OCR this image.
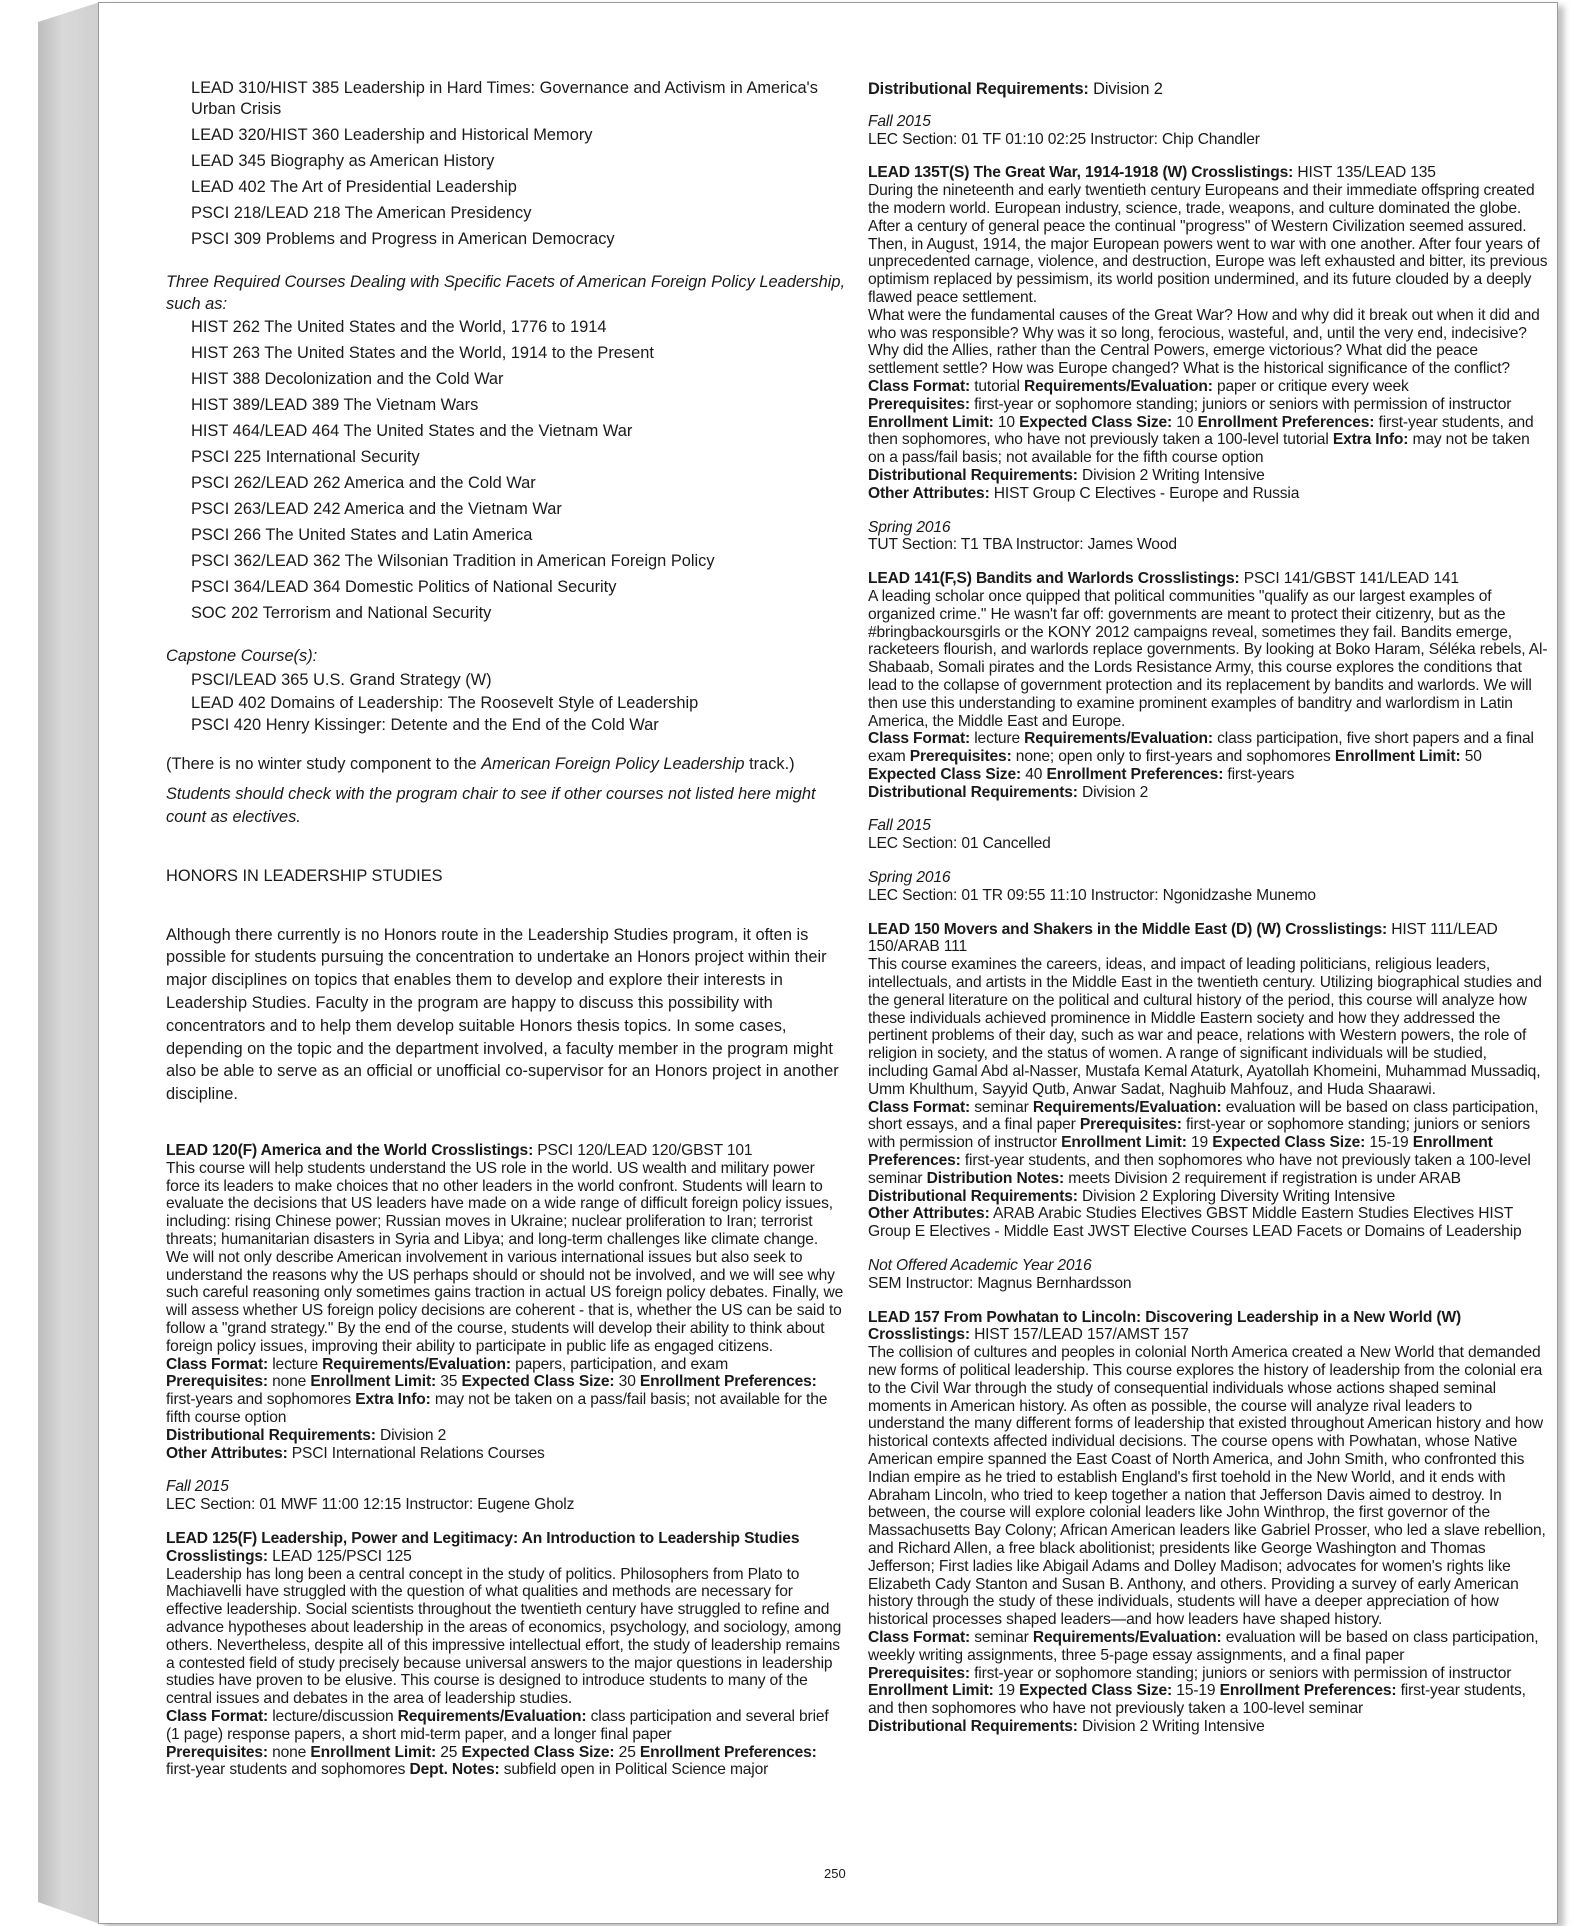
LEAD 310/HIST 385 Leadership in Hard Times: Governance and Activism in America's Urban Crisis
LEAD 320/HIST 360 Leadership and Historical Memory
LEAD 345 Biography as American History
LEAD 402 The Art of Presidential Leadership
PSCI 218/LEAD 218 The American Presidency
PSCI 309 Problems and Progress in American Democracy
Three Required Courses Dealing with Specific Facets of American Foreign Policy Leadership, such as:
HIST 262 The United States and the World, 1776 to 1914
HIST 263 The United States and the World, 1914 to the Present
HIST 388 Decolonization and the Cold War
HIST 389/LEAD 389 The Vietnam Wars
HIST 464/LEAD 464 The United States and the Vietnam War
PSCI 225 International Security
PSCI 262/LEAD 262 America and the Cold War
PSCI 263/LEAD 242 America and the Vietnam War
PSCI 266 The United States and Latin America
PSCI 362/LEAD 362 The Wilsonian Tradition in American Foreign Policy
PSCI 364/LEAD 364 Domestic Politics of National Security
SOC 202 Terrorism and National Security
Capstone Course(s):
PSCI/LEAD 365 U.S. Grand Strategy (W)
LEAD 402 Domains of Leadership: The Roosevelt Style of Leadership
PSCI 420 Henry Kissinger: Detente and the End of the Cold War
(There is no winter study component to the American Foreign Policy Leadership track.)
Students should check with the program chair to see if other courses not listed here might count as electives.
HONORS IN LEADERSHIP STUDIES
Although there currently is no Honors route in the Leadership Studies program, it often is possible for students pursuing the concentration to undertake an Honors project within their major disciplines on topics that enables them to develop and explore their interests in Leadership Studies. Faculty in the program are happy to discuss this possibility with concentrators and to help them develop suitable Honors thesis topics. In some cases, depending on the topic and the department involved, a faculty member in the program might also be able to serve as an official or unofficial co-supervisor for an Honors project in another discipline.
LEAD 120(F) America and the World Crosslistings: PSCI 120/LEAD 120/GBST 101
This course will help students understand the US role in the world. US wealth and military power force its leaders to make choices that no other leaders in the world confront. Students will learn to evaluate the decisions that US leaders have made on a wide range of difficult foreign policy issues, including: rising Chinese power; Russian moves in Ukraine; nuclear proliferation to Iran; terrorist threats; humanitarian disasters in Syria and Libya; and long-term challenges like climate change.
We will not only describe American involvement in various international issues but also seek to understand the reasons why the US perhaps should or should not be involved, and we will see why such careful reasoning only sometimes gains traction in actual US foreign policy debates. Finally, we will assess whether US foreign policy decisions are coherent - that is, whether the US can be said to follow a "grand strategy." By the end of the course, students will develop their ability to think about foreign policy issues, improving their ability to participate in public life as engaged citizens.
Class Format: lecture Requirements/Evaluation: papers, participation, and exam
Prerequisites: none Enrollment Limit: 35 Expected Class Size: 30 Enrollment Preferences: first-years and sophomores Extra Info: may not be taken on a pass/fail basis; not available for the fifth course option
Distributional Requirements: Division 2
Other Attributes: PSCI International Relations Courses
Fall 2015
LEC Section: 01 MWF 11:00 12:15 Instructor: Eugene Gholz
LEAD 125(F) Leadership, Power and Legitimacy: An Introduction to Leadership Studies
Crosslistings: LEAD 125/PSCI 125
Leadership has long been a central concept in the study of politics. Philosophers from Plato to Machiavelli have struggled with the question of what qualities and methods are necessary for effective leadership. Social scientists throughout the twentieth century have struggled to refine and advance hypotheses about leadership in the areas of economics, psychology, and sociology, among others. Nevertheless, despite all of this impressive intellectual effort, the study of leadership remains a contested field of study precisely because universal answers to the major questions in leadership studies have proven to be elusive. This course is designed to introduce students to many of the central issues and debates in the area of leadership studies.
Class Format: lecture/discussion Requirements/Evaluation: class participation and several brief (1 page) response papers, a short mid-term paper, and a longer final paper
Prerequisites: none Enrollment Limit: 25 Expected Class Size: 25 Enrollment Preferences: first-year students and sophomores Dept. Notes: subfield open in Political Science major
Distributional Requirements: Division 2
Fall 2015
LEC Section: 01 TF 01:10 02:25 Instructor: Chip Chandler
LEAD 135T(S) The Great War, 1914-1918 (W) Crosslistings: HIST 135/LEAD 135
During the nineteenth and early twentieth century Europeans and their immediate offspring created the modern world. European industry, science, trade, weapons, and culture dominated the globe. After a century of general peace the continual "progress" of Western Civilization seemed assured. Then, in August, 1914, the major European powers went to war with one another. After four years of unprecedented carnage, violence, and destruction, Europe was left exhausted and bitter, its previous optimism replaced by pessimism, its world position undermined, and its future clouded by a deeply flawed peace settlement.
What were the fundamental causes of the Great War? How and why did it break out when it did and who was responsible? Why was it so long, ferocious, wasteful, and, until the very end, indecisive? Why did the Allies, rather than the Central Powers, emerge victorious? What did the peace settlement settle? How was Europe changed? What is the historical significance of the conflict?
Class Format: tutorial Requirements/Evaluation: paper or critique every week
Prerequisites: first-year or sophomore standing; juniors or seniors with permission of instructor
Enrollment Limit: 10 Expected Class Size: 10 Enrollment Preferences: first-year students, and then sophomores, who have not previously taken a 100-level tutorial Extra Info: may not be taken on a pass/fail basis; not available for the fifth course option
Distributional Requirements: Division 2 Writing Intensive
Other Attributes: HIST Group C Electives - Europe and Russia
Spring 2016
TUT Section: T1 TBA Instructor: James Wood
LEAD 141(F,S) Bandits and Warlords Crosslistings: PSCI 141/GBST 141/LEAD 141
A leading scholar once quipped that political communities "qualify as our largest examples of organized crime." He wasn't far off: governments are meant to protect their citizenry, but as the #bringbackoursgirls or the KONY 2012 campaigns reveal, sometimes they fail. Bandits emerge, racketeers flourish, and warlords replace governments. By looking at Boko Haram, Séléka rebels, Al-Shabaab, Somali pirates and the Lords Resistance Army, this course explores the conditions that lead to the collapse of government protection and its replacement by bandits and warlords. We will then use this understanding to examine prominent examples of banditry and warlordism in Latin America, the Middle East and Europe.
Class Format: lecture Requirements/Evaluation: class participation, five short papers and a final exam Prerequisites: none; open only to first-years and sophomores Enrollment Limit: 50 Expected Class Size: 40 Enrollment Preferences: first-years
Distributional Requirements: Division 2
Fall 2015
LEC Section: 01 Cancelled
Spring 2016
LEC Section: 01 TR 09:55 11:10 Instructor: Ngonidzashe Munemo
LEAD 150 Movers and Shakers in the Middle East (D) (W) Crosslistings: HIST 111/LEAD 150/ARAB 111
This course examines the careers, ideas, and impact of leading politicians, religious leaders, intellectuals, and artists in the Middle East in the twentieth century. Utilizing biographical studies and the general literature on the political and cultural history of the period, this course will analyze how these individuals achieved prominence in Middle Eastern society and how they addressed the pertinent problems of their day, such as war and peace, relations with Western powers, the role of religion in society, and the status of women. A range of significant individuals will be studied, including Gamal Abd al-Nasser, Mustafa Kemal Ataturk, Ayatollah Khomeini, Muhammad Mussadiq, Umm Khulthum, Sayyid Qutb, Anwar Sadat, Naghuib Mahfouz, and Huda Shaarawi.
Class Format: seminar Requirements/Evaluation: evaluation will be based on class participation, short essays, and a final paper Prerequisites: first-year or sophomore standing; juniors or seniors with permission of instructor Enrollment Limit: 19 Expected Class Size: 15-19 Enrollment Preferences: first-year students, and then sophomores who have not previously taken a 100-level seminar Distribution Notes: meets Division 2 requirement if registration is under ARAB
Distributional Requirements: Division 2 Exploring Diversity Writing Intensive
Other Attributes: ARAB Arabic Studies Electives GBST Middle Eastern Studies Electives HIST Group E Electives - Middle East JWST Elective Courses LEAD Facets or Domains of Leadership
Not Offered Academic Year 2016
SEM Instructor: Magnus Bernhardsson
LEAD 157 From Powhatan to Lincoln: Discovering Leadership in a New World (W)
Crosslistings: HIST 157/LEAD 157/AMST 157
The collision of cultures and peoples in colonial North America created a New World that demanded new forms of political leadership. This course explores the history of leadership from the colonial era to the Civil War through the study of consequential individuals whose actions shaped seminal moments in American history. As often as possible, the course will analyze rival leaders to understand the many different forms of leadership that existed throughout American history and how historical contexts affected individual decisions. The course opens with Powhatan, whose Native American empire spanned the East Coast of North America, and John Smith, who confronted this Indian empire as he tried to establish England's first toehold in the New World, and it ends with Abraham Lincoln, who tried to keep together a nation that Jefferson Davis aimed to destroy. In between, the course will explore colonial leaders like John Winthrop, the first governor of the Massachusetts Bay Colony; African American leaders like Gabriel Prosser, who led a slave rebellion, and Richard Allen, a free black abolitionist; presidents like George Washington and Thomas Jefferson; First ladies like Abigail Adams and Dolley Madison; advocates for women's rights like Elizabeth Cady Stanton and Susan B. Anthony, and others. Providing a survey of early American history through the study of these individuals, students will have a deeper appreciation of how historical processes shaped leaders—and how leaders have shaped history.
Class Format: seminar Requirements/Evaluation: evaluation will be based on class participation, weekly writing assignments, three 5-page essay assignments, and a final paper
Prerequisites: first-year or sophomore standing; juniors or seniors with permission of instructor
Enrollment Limit: 19 Expected Class Size: 15-19 Enrollment Preferences: first-year students, and then sophomores who have not previously taken a 100-level seminar
Distributional Requirements: Division 2 Writing Intensive
250
